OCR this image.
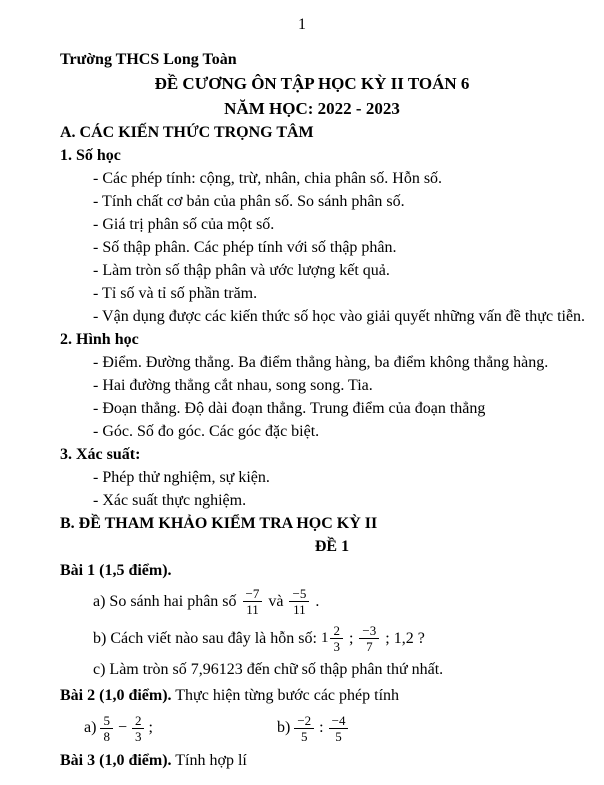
1

Trường THCS Long Toàn

ĐỀ CƯƠNG ÔN TẬP HỌC KỲ II TOÁN 6

NĂM HỌC: 2022 - 2023

A. CÁC KIẾN THỨC TRỌNG TÂM

1. Số học

- Các phép tính: cộng, trừ, nhân, chia phân số. Hỗn số.

- Tính chất cơ bản của phân số. So sánh phân số.

- Giá trị phân số của một số.

- Số thập phân. Các phép tính với số thập phân.

- Làm tròn số thập phân và ước lượng kết quả.

- Tỉ số và tỉ số phần trăm.

- Vận dụng được các kiến thức số học vào giải quyết những vấn đề thực tiễn.

2. Hình học

- Điểm. Đường thẳng. Ba điểm thẳng hàng, ba điểm không thẳng hàng.

- Hai đường thẳng cắt nhau, song song. Tia.

- Đoạn thẳng. Độ dài đoạn thẳng. Trung điểm của đoạn thẳng

- Góc. Số đo góc. Các góc đặc biệt.

3. Xác suất:

- Phép thử nghiệm, sự kiện.

- Xác suất thực nghiệm.

B. ĐỀ THAM KHẢO KIỂM TRA HỌC KỲ II

ĐỀ 1

Bài 1 (1,5 điểm).

a) So sánh hai phân số $\frac{-7}{11}$ và $\frac{-5}{11}$ .
b) Cách viết nào sau đây là hỗn số: $1 \frac{2}{3}$ ; $\frac{-3}{7}$ ; 1,2 ?

c) Làm tròn số 7,96123 đến chữ số thập phân thứ nhất.

Bài 2 (1,0 điểm). Thực hiện từng bước các phép tính

$a) \frac{5}{8} - \frac{2}{3}$ ;	$b) \frac{-2}{5}$ : $\frac{-4}{5}$

Bài 3 (1,0 điểm). Tính hợp lí
